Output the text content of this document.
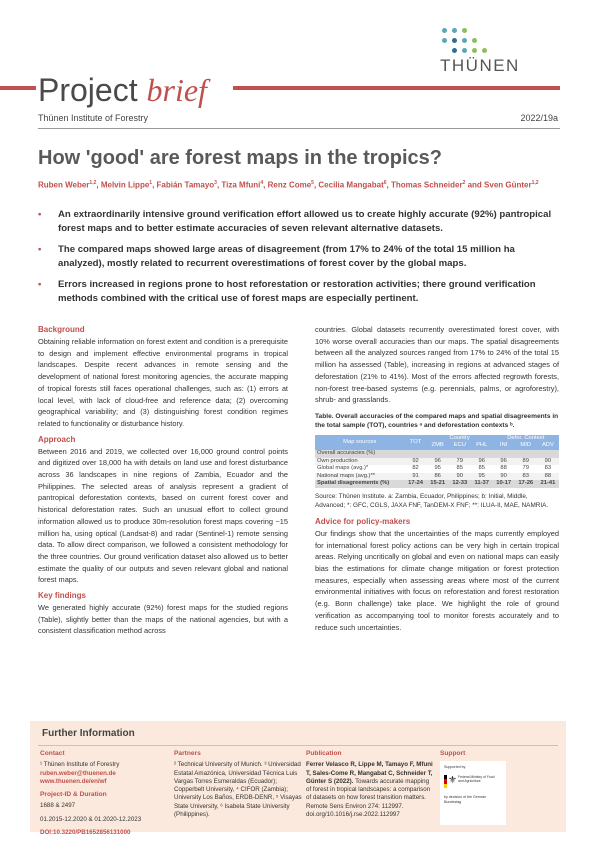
THÜNEN
Project brief
Thünen Institute of Forestry	2022/19a
How 'good' are forest maps in the tropics?
Ruben Weber$^{1,2}$, Melvin Lippe$^1$, Fabián Tamayo$^3$, Tiza Mfuni$^4$, Renz Come$^5$, Cecilia Mangabat$^6$, Thomas Schneider$^2$ and Sven Günter$^{1,2}$
• An extraordinarily intensive ground verification effort allowed us to create highly accurate (92%) pantropical forest maps and to better estimate accuracies of seven relevant alternative datasets.
• The compared maps showed large areas of disagreement (from 17% to 24% of the total 15 million ha analyzed), mostly related to recurrent overestimations of forest cover by the global maps.
• Errors increased in regions prone to host reforestation or restoration activities; there ground verification methods combined with the critical use of forest maps are especially pertinent.
Background
Obtaining reliable information on forest extent and condition is a prerequisite to design and implement effective environmental programs in tropical landscapes. Despite recent advances in remote sensing and the development of national forest monitoring agencies, the accurate mapping of tropical forests still faces operational challenges, such as: (1) errors at local level, with lack of cloud-free and reference data; (2) overcoming geographical variability; and (3) distinguishing forest condition regimes related to functionality or disturbance history.
Approach
Between 2016 and 2019, we collected over 16,000 ground control points and digitized over 18,000 ha with details on land use and forest disturbance across 36 landscapes in nine regions of Zambia, Ecuador and the Philippines. The selected areas of analysis represent a gradient of pantropical deforestation contexts, based on current forest cover and historical deforestation rates. Such an unusual effort to collect ground information allowed us to produce 30m-resolution forest maps covering ~15 million ha, using optical (Landsat-8) and radar (Sentinel-1) remote sensing data. To allow direct comparison, we followed a consistent methodology for the three countries. Our ground verification dataset also allowed us to better estimate the quality of our outputs and seven relevant global and national forest maps.
Key findings
We generated highly accurate (92%) forest maps for the studied regions (Table), slightly better than the maps of the national agencies, but with a consistent classification method across
countries. Global datasets recurrently overestimated forest cover, with 10% worse overall accuracies than our maps. The spatial disagreements between all the analyzed sources ranged from 17% to 24% of the total 15 million ha assessed (Table), increasing in regions at advanced stages of deforestation (21% to 41%). Most of the errors affected regrowth forests, non-forest tree-based systems (e.g. perennials, palms, or agroforestry), shrub- and grasslands.
Table. Overall accuracies of the compared maps and spatial disagreements in the total sample (TOT), countries ᵃ and deforestation contexts ᵇ.
Map sources	TOT	Country			Defor. Context		
		ZMB	ECU	PHL	INI	MID	ADV
Overall accuracies (%)							
Own production	92	96	79	96	96	89	90
Global maps (avg.)*	82	95	85	85	88	79	83
National maps (avg.)**	91	86	90	95	90	83	88
Spatial disagreements (%)	17-24	15-21	12-33	11-37	10-17	17-26	21-41
Source: Thünen Institute. a: Zambia, Ecuador, Philippines; b: Initial, Middle, Advanced; *: GFC, CGLS, JAXA FNF, TanDEM-X FNF; **: ILUA-II, MAE, NAMRIA.
Advice for policy-makers
Our findings show that the uncertainties of the maps currently employed for international forest policy actions can be very high in certain tropical areas. Relying uncritically on global and even on national maps can easily bias the estimations for climate change mitigation or forest protection measures, especially when assessing areas where most of the current environmental initiatives with focus on reforestation and forest restoration (e.g. Bonn challenge) take place. We highlight the role of ground verification as accompanying tool to monitor forests accurately and to reduce such uncertainties.
Further Information
Contact
¹ Thünen Institute of Forestry
ruben.weber@thuenen.de
www.thuenen.de/en/wf
Project-ID & Duration
1688 & 2497
01.2015-12.2020 & 01.2020-12.2023
DOI:10.3220/PB1652856131000
Partners
² Technical University of Munich. ³ Universidad Estatal Amazónica, Universidad Técnica Luis Vargas Torres Esmeraldas (Ecuador); Copperbelt University, ⁴ CIFOR (Zambia); University Los Baños, ERDB-DENR, ⁵ Visayas State University, ⁶ Isabela State University (Philippines).
Publication
Ferrer Velasco R, Lippe M, Tamayo F, Mfuni T, Sales-Come R, Mangabat C, Schneider T, Günter S (2022). Towards accurate mapping of forest in tropical landscapes: a comparison of datasets on how forest transition matters. Remote Sens Environ 274: 112997. doi.org/10.1016/j.rse.2022.112997
Support
Supported by
⚜ Federal Ministry of Food and Agriculture
by decision of the German Bundestag
